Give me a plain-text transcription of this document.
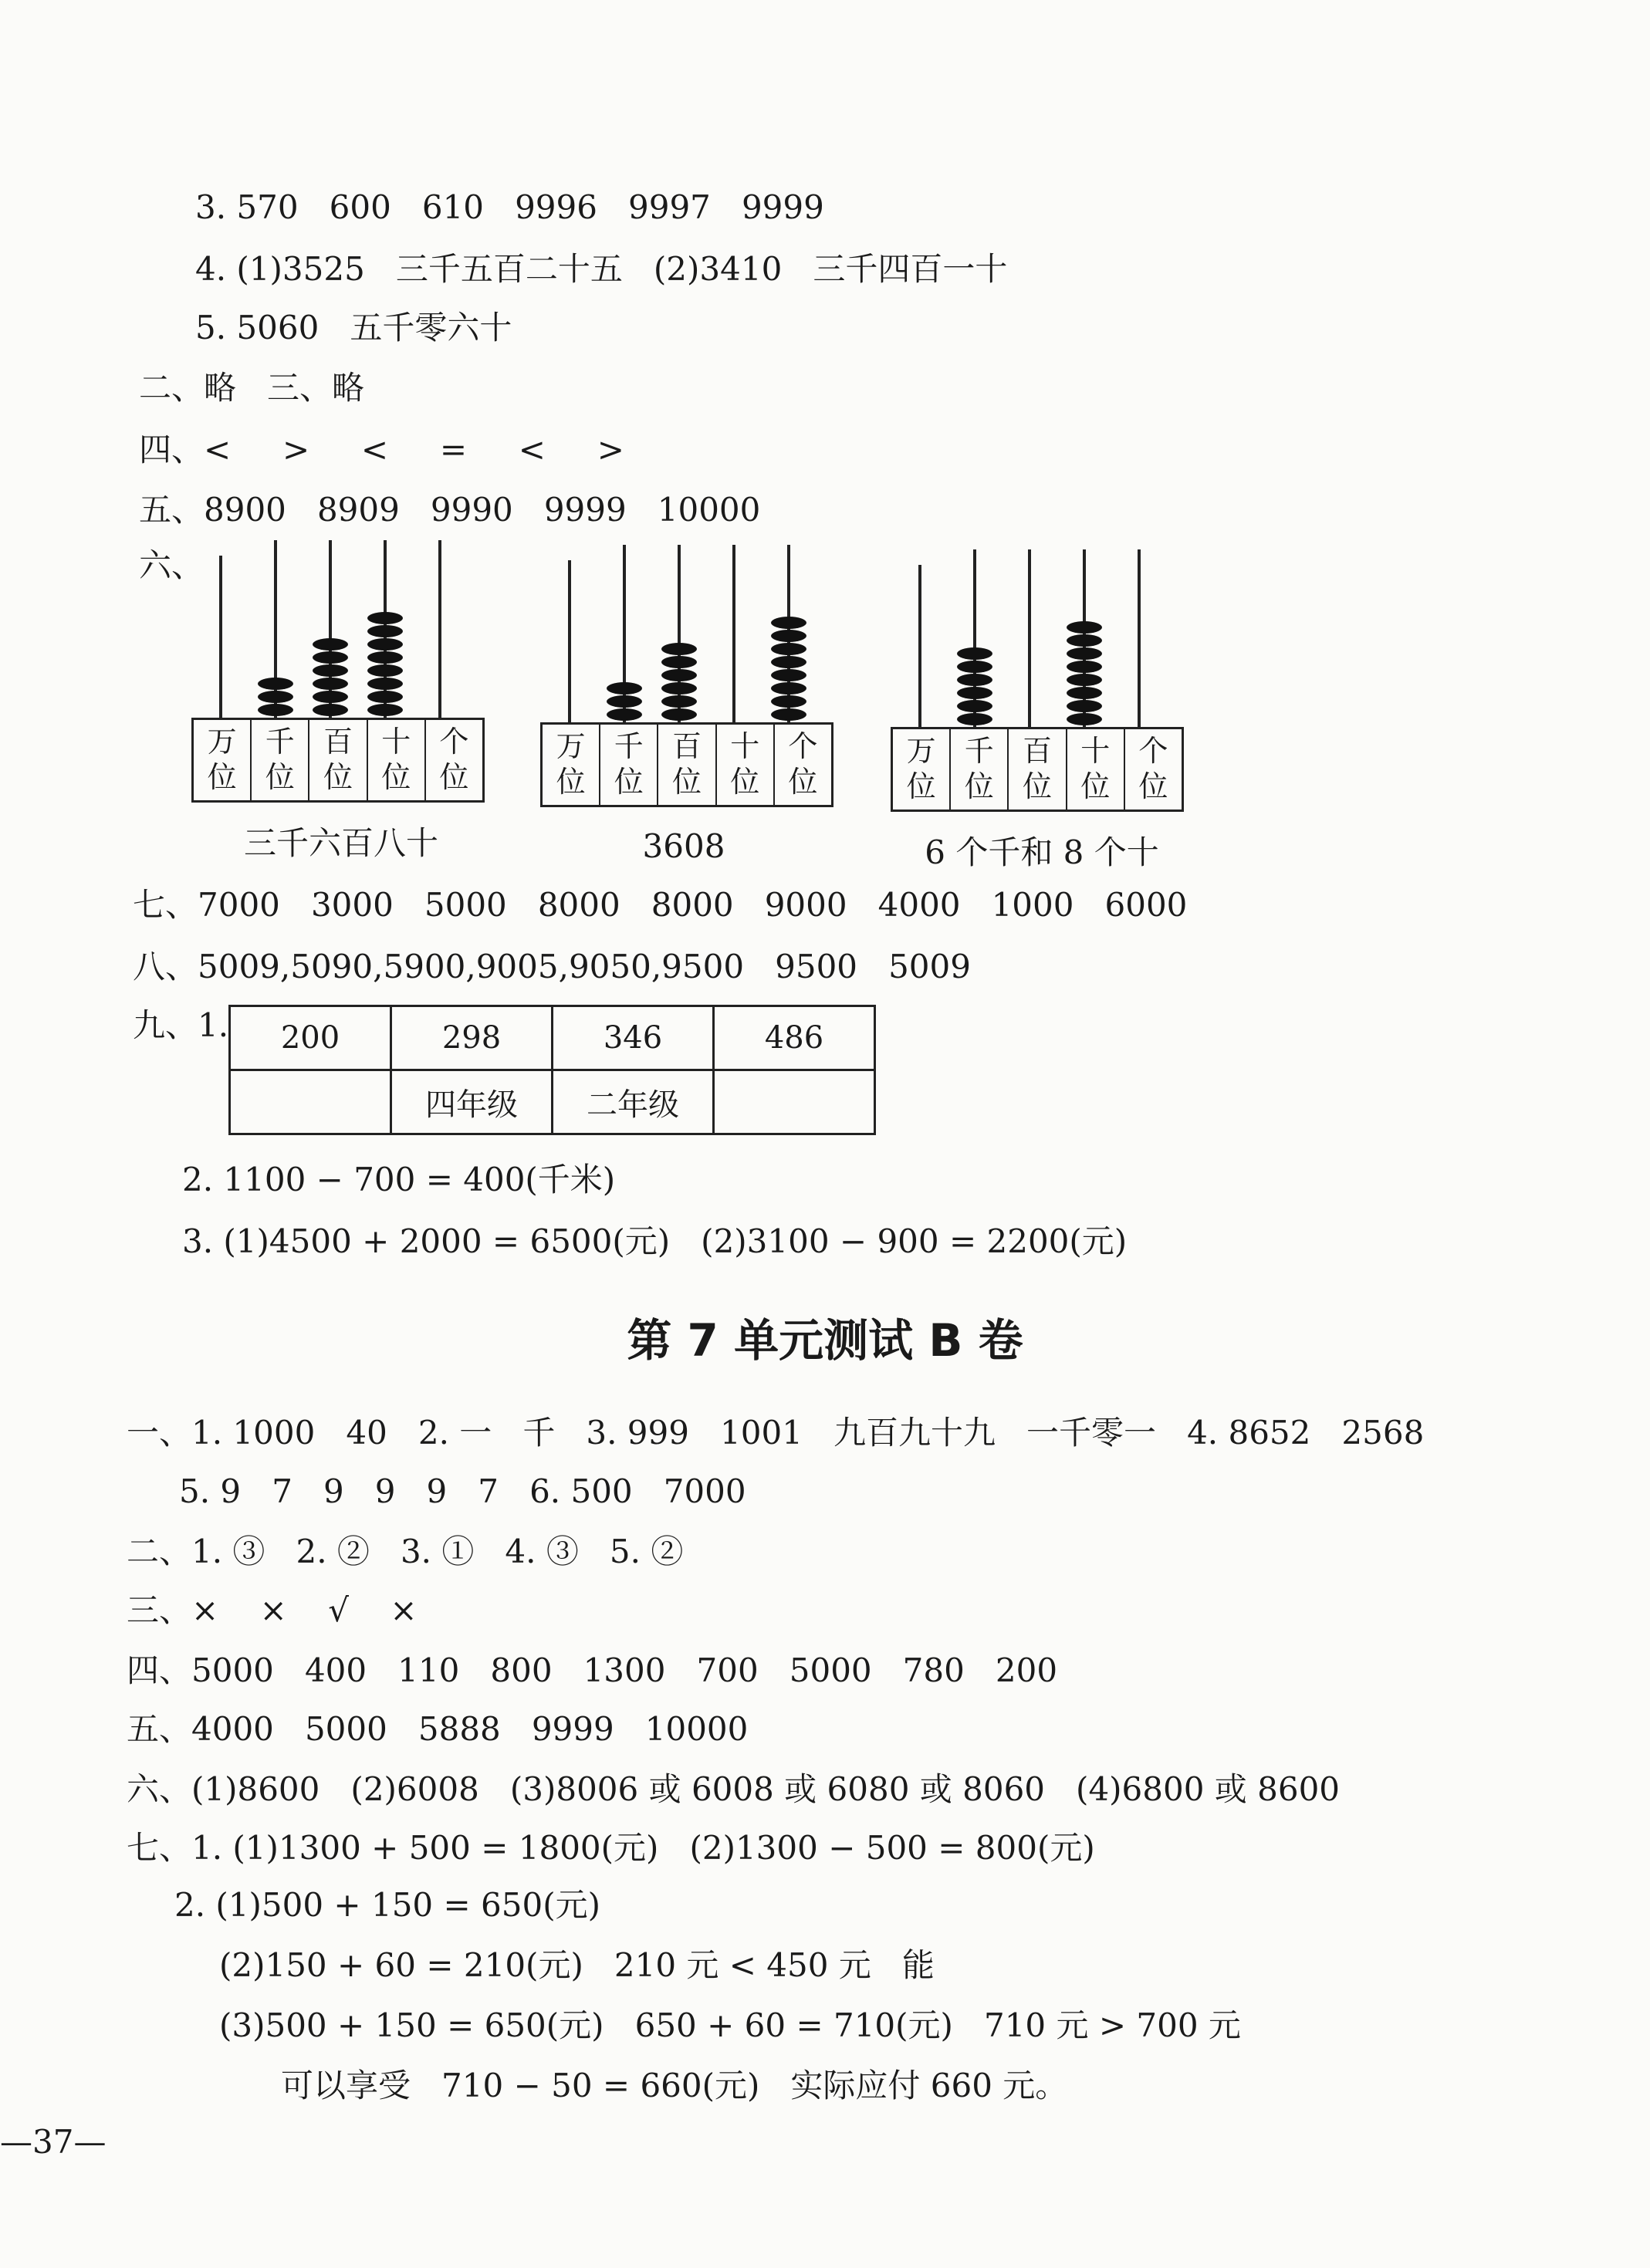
3. 570   600   610   9996   9997   9999
4. (1)3525   三千五百二十五   (2)3410   三千四百一十
5. 5060   五千零六十
二、略   三、略
四、<     >     <     =     <     >
五、8900   8909   9990   9999   10000
六、
万
位
千
位
百
位
十
位
个
位
三千六百八十
万
位
千
位
百
位
十
位
个
位
3608
万
位
千
位
百
位
十
位
个
位
6 个千和 8 个十
七、7000   3000   5000   8000   8000   9000   4000   1000   6000
八、5009,5090,5900,9005,9050,9500   9500   5009
九、1. 200	298	346	486
	四年级	二年级	
2. 1100 − 700 = 400(千米)
3. (1)4500 + 2000 = 6500(元)   (2)3100 − 900 = 2200(元)
第 7 单元测试 B 卷
一、1. 1000   40   2. 一   千   3. 999   1001   九百九十九   一千零一   4. 8652   2568
5. 9   7   9   9   9   7   6. 500   7000
二、1. ③   2. ②   3. ①   4. ③   5. ②
三、×    ×    √    ×
四、5000   400   110   800   1300   700   5000   780   200
五、4000   5000   5888   9999   10000
六、(1)8600   (2)6008   (3)8006 或 6008 或 6080 或 8060   (4)6800 或 8600
七、1. (1)1300 + 500 = 1800(元)   (2)1300 − 500 = 800(元)
2. (1)500 + 150 = 650(元)
(2)150 + 60 = 210(元)   210 元 < 450 元   能
(3)500 + 150 = 650(元)   650 + 60 = 710(元)   710 元 > 700 元
可以享受   710 − 50 = 660(元)   实际应付 660 元。
—37—
